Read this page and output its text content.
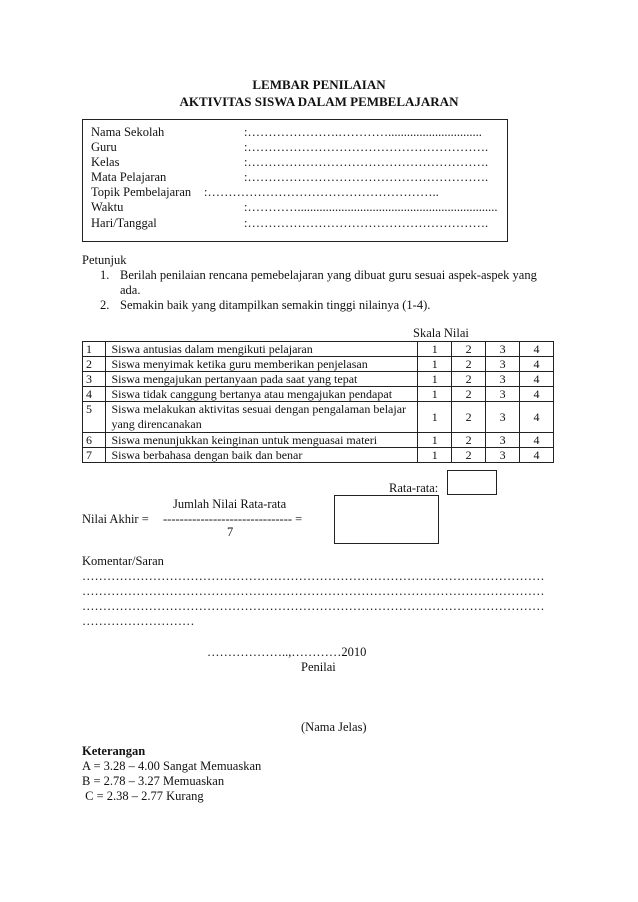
LEMBAR PENILAIAN
AKTIVITAS SISWA DALAM PEMBELAJARAN
Nama Sekolah	:………………….…………..............................
Guru	:………………………………………………….
Kelas	:………………………………………………….
Mata Pelajaran	:………………………………………………….
Topik Pembelajaran :………………………………………………..
Waktu	:…………................................................................
Hari/Tanggal	:………………………………………………….
Petunjuk
1. Berilah penilaian rencana pemebelajaran yang dibuat guru sesuai aspek-aspek yang
ada.
2. Semakin baik yang ditampilkan semakin tinggi nilainya (1-4).
Skala Nilai
1	Siswa antusias dalam mengikuti pelajaran	1	2	3	4
2	Siswa menyimak ketika guru memberikan penjelasan	1	2	3	4
3	Siswa mengajukan pertanyaan pada saat yang tepat	1	2	3	4
4	Siswa tidak canggung bertanya atau mengajukan pendapat	1	2	3	4
5	Siswa melakukan aktivitas sesuai dengan pengalaman belajar yang direncanakan	1	2	3	4
6	Siswa menunjukkan keinginan untuk menguasai materi	1	2	3	4
7	Siswa berbahasa dengan baik dan benar	1	2	3	4
Rata-rata:
Jumlah Nilai Rata-rata
Nilai Akhir = ------------------------------- =
7
Komentar/Saran
…………………………………………………………………………………………………
…………………………………………………………………………………………………
…………………………………………………………………………………………………
………………………
………………..,…………2010
Penilai
(Nama Jelas)
Keterangan
A = 3.28 – 4.00 Sangat Memuaskan
B = 2.78 – 3.27 Memuaskan
C = 2.38 – 2.77 Kurang
